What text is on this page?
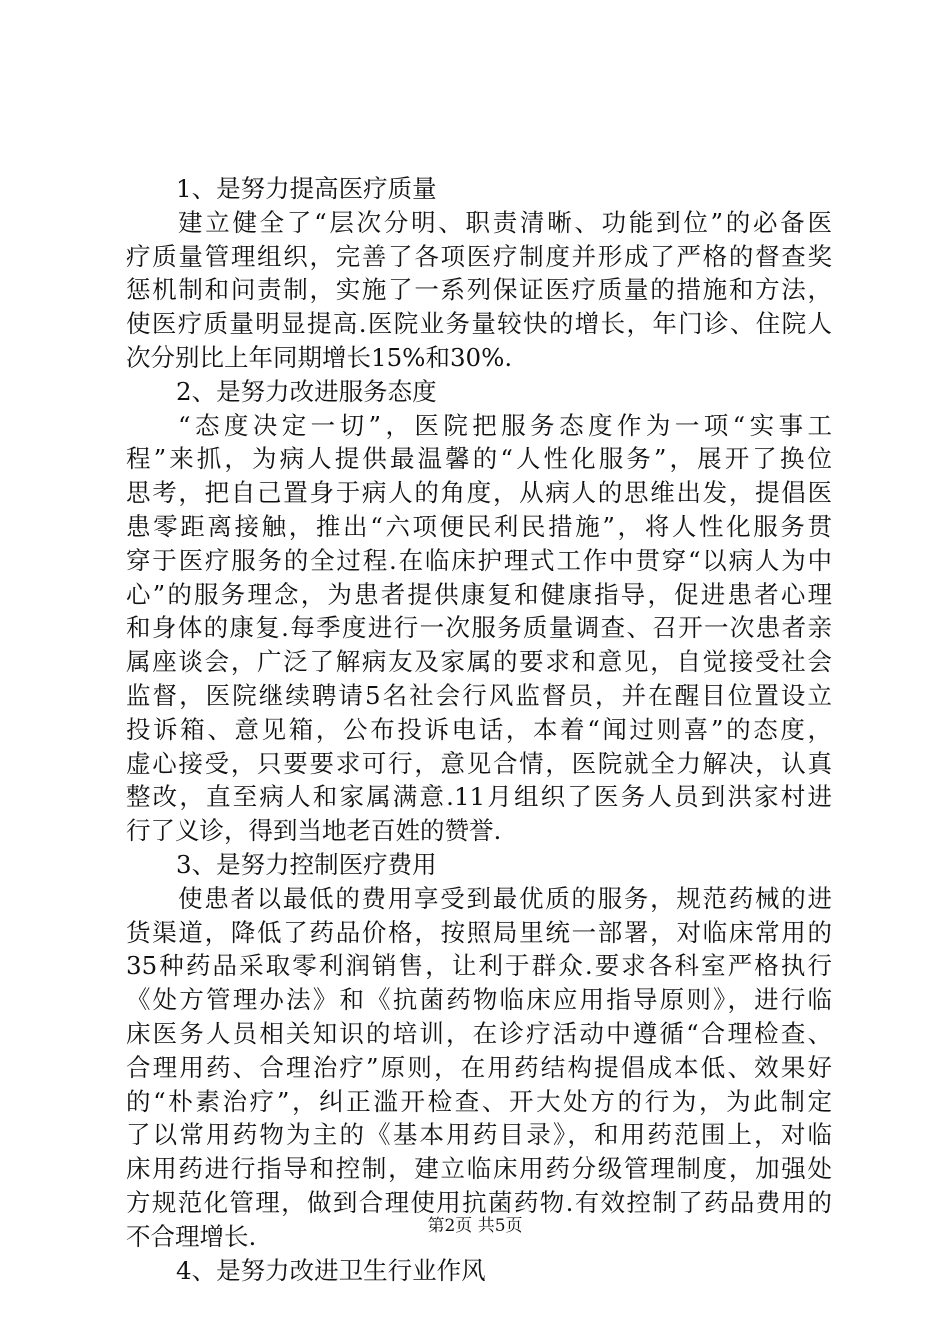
1、是努力提高医疗质量
建立健全了“层次分明、职责清晰、功能到位”的必备医
疗质量管理组织，完善了各项医疗制度并形成了严格的督查奖
惩机制和问责制，实施了一系列保证医疗质量的措施和方法，
使医疗质量明显提高.医院业务量较快的增长，年门诊、住院人
次分别比上年同期增长15%和30%.
2、是努力改进服务态度
“态度决定一切”，医院把服务态度作为一项“实事工
程”来抓，为病人提供最温馨的“人性化服务”，展开了换位
思考，把自己置身于病人的角度，从病人的思维出发，提倡医
患零距离接触，推出“六项便民利民措施”，将人性化服务贯
穿于医疗服务的全过程.在临床护理式工作中贯穿“以病人为中
心”的服务理念，为患者提供康复和健康指导，促进患者心理
和身体的康复.每季度进行一次服务质量调查、召开一次患者亲
属座谈会，广泛了解病友及家属的要求和意见，自觉接受社会
监督，医院继续聘请5名社会行风监督员，并在醒目位置设立
投诉箱、意见箱，公布投诉电话，本着“闻过则喜”的态度，
虚心接受，只要要求可行，意见合情，医院就全力解决，认真
整改，直至病人和家属满意.11月组织了医务人员到洪家村进
行了义诊，得到当地老百姓的赞誉.
3、是努力控制医疗费用
使患者以最低的费用享受到最优质的服务，规范药械的进
货渠道，降低了药品价格，按照局里统一部署，对临床常用的
35种药品采取零利润销售，让利于群众.要求各科室严格执行
《处方管理办法》和《抗菌药物临床应用指导原则》，进行临
床医务人员相关知识的培训，在诊疗活动中遵循“合理检查、
合理用药、合理治疗”原则，在用药结构提倡成本低、效果好
的“朴素治疗”，纠正滥开检查、开大处方的行为，为此制定
了以常用药物为主的《基本用药目录》，和用药范围上，对临
床用药进行指导和控制，建立临床用药分级管理制度，加强处
方规范化管理，做到合理使用抗菌药物.有效控制了药品费用的
不合理增长.
4、是努力改进卫生行业作风
第2页 共5页
